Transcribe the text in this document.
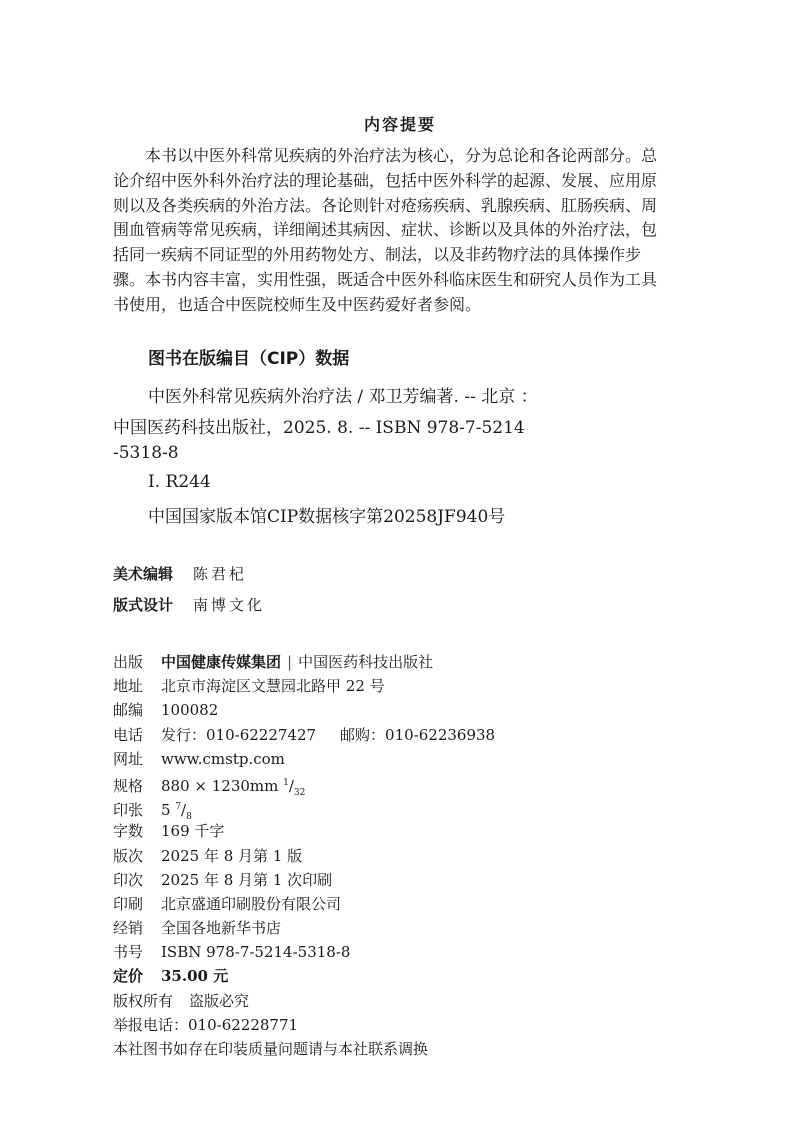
内容提要
本书以中医外科常见疾病的外治疗法为核心，分为总论和各论两部分。总
论介绍中医外科外治疗法的理论基础，包括中医外科学的起源、发展、应用原
则以及各类疾病的外治方法。各论则针对疮疡疾病、乳腺疾病、肛肠疾病、周
围血管病等常见疾病，详细阐述其病因、症状、诊断以及具体的外治疗法，包
括同一疾病不同证型的外用药物处方、制法，以及非药物疗法的具体操作步
骤。本书内容丰富，实用性强，既适合中医外科临床医生和研究人员作为工具
书使用，也适合中医院校师生及中医药爱好者参阅。
图书在版编目（CIP）数据
中医外科常见疾病外治疗法 / 邓卫芳编著. -- 北京 ：
中国医药科技出版社，2025. 8. -- ISBN 978-7-5214
-5318-8
Ⅰ. R244
中国国家版本馆CIP数据核字第20258JF940号
美术编辑 陈君杞
版式设计 南博文化
出版 中国健康传媒集团 | 中国医药科技出版社
地址 北京市海淀区文慧园北路甲 22 号
邮编 100082
电话 发行：010-62227427 邮购：010-62236938
网址 www.cmstp.com
规格 880 × 1230mm $^1/_{32}$
印张 5 $^7/_8$
字数 169 千字
版次 2025 年 8 月第 1 版
印次 2025 年 8 月第 1 次印刷
印刷 北京盛通印刷股份有限公司
经销 全国各地新华书店
书号 ISBN 978-7-5214-5318-8
定价 35.00 元
版权所有 盗版必究
举报电话：010-62228771
本社图书如存在印装质量问题请与本社联系调换
